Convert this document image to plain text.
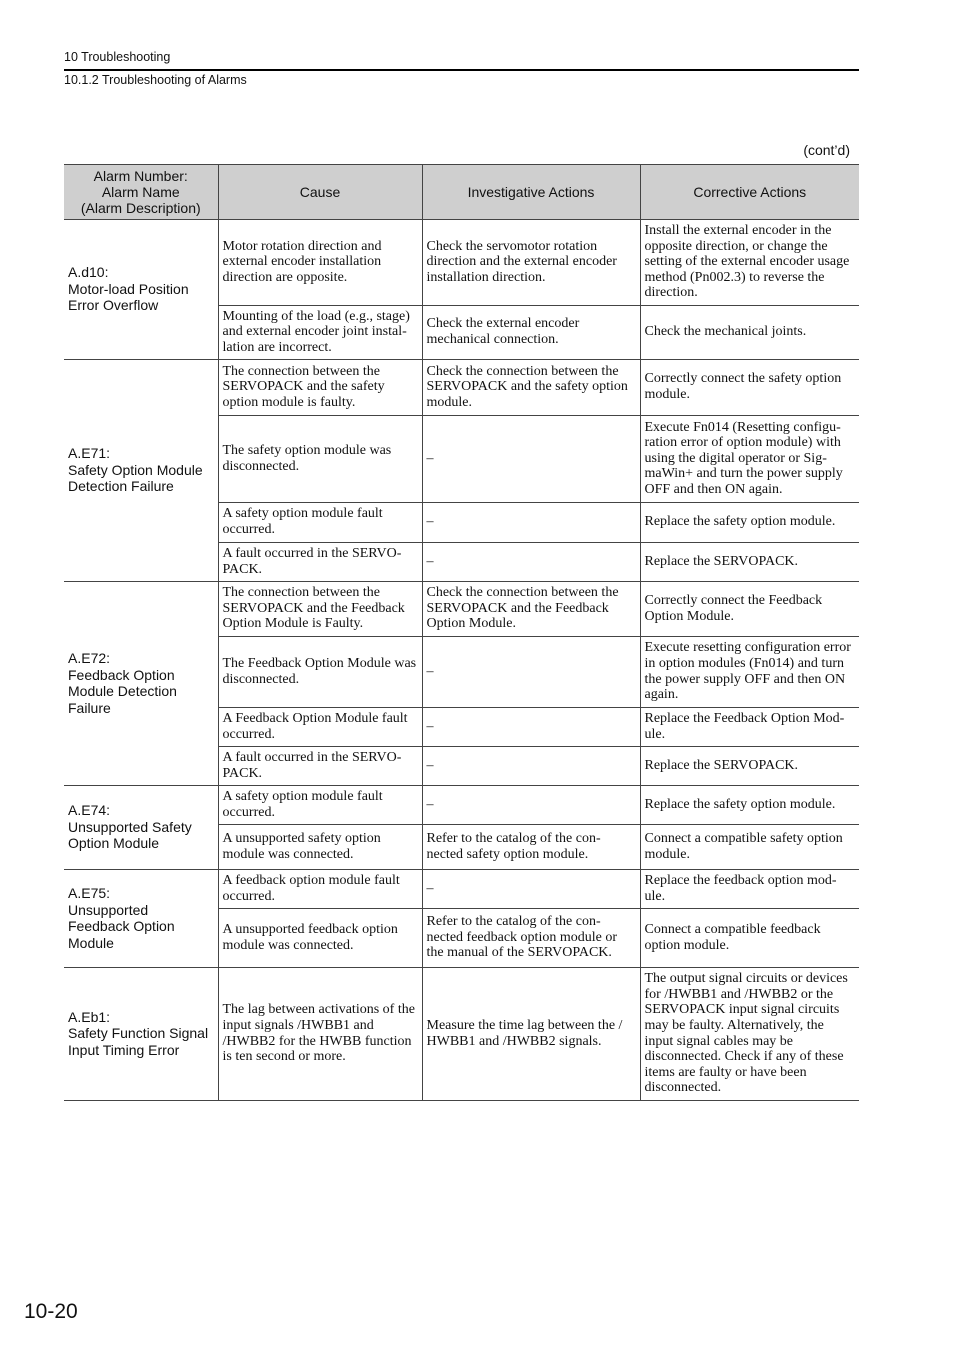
10 Troubleshooting
10.1.2 Troubleshooting of Alarms
(cont’d)
Alarm Number:
Alarm Name
(Alarm Description)	Cause	Investigative Actions	Corrective Actions

A.d10:
Motor-load Position Error Overflow	Motor rotation direction and external encoder installation direction are opposite.	Check the servomotor rotation direction and the external encoder installation direction.	Install the external encoder in the opposite direction, or change the setting of the external encoder usage method (Pn002.3) to reverse the direction.
	Mounting of the load (e.g., stage) and external encoder joint instal-lation are incorrect.	Check the external encoder mechanical connection.	Check the mechanical joints.

A.E71:
Safety Option Module Detection Failure	The connection between the SERVOPACK and the safety option module is faulty.	Check the connection between the SERVOPACK and the safety option module.	Correctly connect the safety option module.
	The safety option module was disconnected.	–	Execute Fn014 (Resetting configu-ration error of option module) with using the digital operator or Sig-maWin+ and turn the power supply OFF and then ON again.
	A safety option module fault occurred.	–	Replace the safety option module.
	A fault occurred in the SERVO-PACK.	–	Replace the SERVOPACK.

A.E72:
Feedback Option Module Detection Failure	The connection between the SERVOPACK and the Feedback Option Module is Faulty.	Check the connection between the SERVOPACK and the Feedback Option Module.	Correctly connect the Feedback Option Module.
	The Feedback Option Module was disconnected.	–	Execute resetting configuration error in option modules (Fn014) and turn the power supply OFF and then ON again.
	A Feedback Option Module fault occurred.	–	Replace the Feedback Option Mod-ule.
	A fault occurred in the SERVO-PACK.	–	Replace the SERVOPACK.

A.E74:
Unsupported Safety Option Module	A safety option module fault occurred.	–	Replace the safety option module.
	A unsupported safety option module was connected.	Refer to the catalog of the con-nected safety option module.	Connect a compatible safety option module.

A.E75:
Unsupported Feedback Option Module	A feedback option module fault occurred.	–	Replace the feedback option mod-ule.
	A unsupported feedback option module was connected.	Refer to the catalog of the con-nected feedback option module or the manual of the SERVOPACK.	Connect a compatible feedback option module.

A.Eb1:
Safety Function Signal Input Timing Error	The lag between activations of the input signals /HWBB1 and /HWBB2 for the HWBB function is ten second or more.	Measure the time lag between the / HWBB1 and /HWBB2 signals.	The output signal circuits or devices for /HWBB1 and /HWBB2 or the SERVOPACK input signal circuits may be faulty. Alternatively, the input signal cables may be disconnected. Check if any of these items are faulty or have been disconnected.
10-20
